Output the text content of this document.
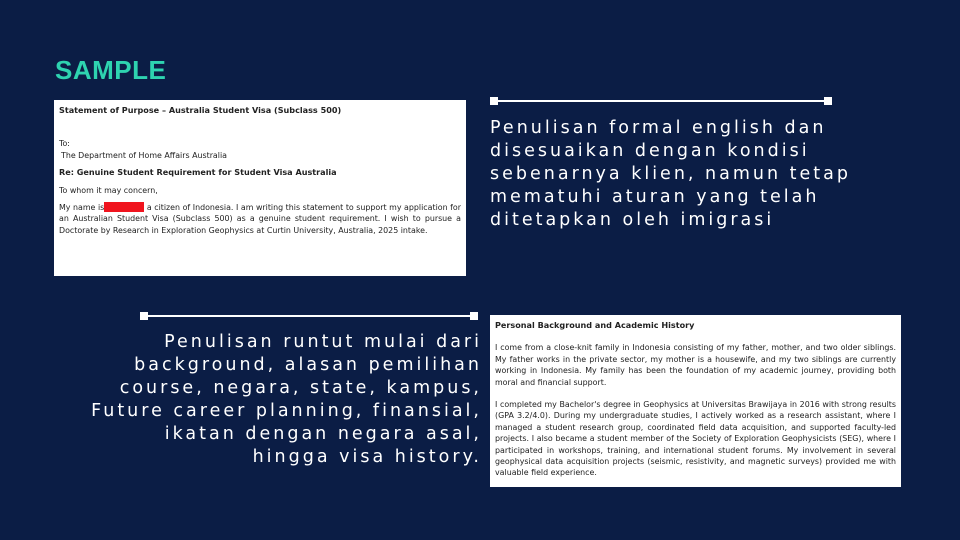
SAMPLE
Statement of Purpose – Australia Student Visa (Subclass 500)
To:
The Department of Home Affairs Australia
Re: Genuine Student Requirement for Student Visa Australia
To whom it may concern,

My name is	a citizen of Indonesia. I am writing this statement to support my application for an Australian Student Visa (Subclass 500) as a genuine student requirement. I wish to pursue a Doctorate by Research in Exploration Geophysics at Curtin University, Australia, 2025 intake.

Penulisan formal english dan
disesuaikan dengan kondisi
sebenarnya klien, namun tetap
mematuhi aturan yang telah
ditetapkan oleh imigrasi
Penulisan runtut mulai dari
background, alasan pemilihan
course, negara, state, kampus,
Future career planning, finansial,
ikatan dengan negara asal,
hingga visa history.
Personal Background and Academic History

I come from a close-knit family in Indonesia consisting of my father, mother, and two older siblings. My father works in the private sector, my mother is a housewife, and my two siblings are currently working in Indonesia. My family has been the foundation of my academic journey, providing both moral and financial support.

I completed my Bachelor's degree in Geophysics at Universitas Brawijaya in 2016 with strong results (GPA 3.2/4.0). During my undergraduate studies, I actively worked as a research assistant, where I managed a student research group, coordinated field data acquisition, and supported faculty-led projects. I also became a student member of the Society of Exploration Geophysicists (SEG), where I participated in workshops, training, and international student forums. My involvement in several geophysical data acquisition projects (seismic, resistivity, and magnetic surveys) provided me with valuable field experience.
